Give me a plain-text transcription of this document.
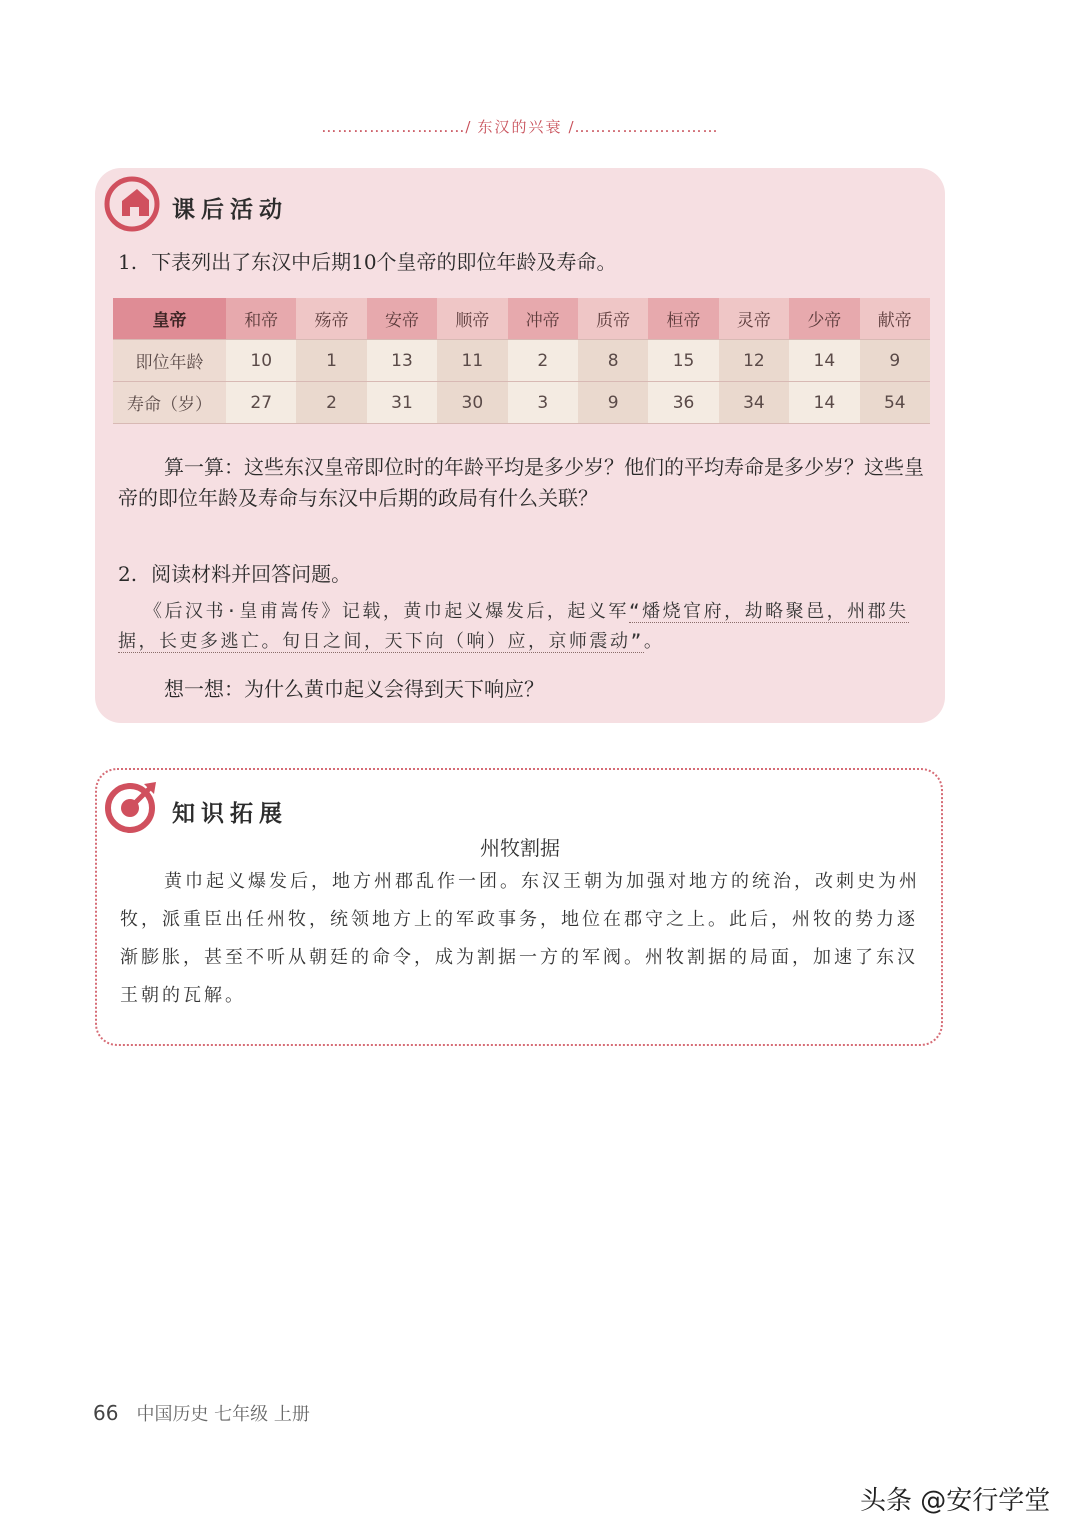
………………………/ 东汉的兴衰 /………………………
课后活动
1. 下表列出了东汉中后期10个皇帝的即位年龄及寿命。
皇帝	和帝	殇帝	安帝	顺帝	冲帝	质帝	桓帝	灵帝	少帝	献帝
即位年龄	10	1	13	11	2	8	15	12	14	9
寿命（岁）	27	2	31	30	3	9	36	34	14	54
算一算：这些东汉皇帝即位时的年龄平均是多少岁？他们的平均寿命是多少岁？这些皇帝的即位年龄及寿命与东汉中后期的政局有什么关联？
2. 阅读材料并回答问题。
《后汉书·皇甫嵩传》记载，黄巾起义爆发后，起义军“燔烧官府，劫略聚邑，州郡失据，长吏多逃亡。旬日之间，天下向（响）应，京师震动”。
想一想：为什么黄巾起义会得到天下响应？
知识拓展
州牧割据
黄巾起义爆发后，地方州郡乱作一团。东汉王朝为加强对地方的统治，改刺史为州牧，派重臣出任州牧，统领地方上的军政事务，地位在郡守之上。此后，州牧的势力逐渐膨胀，甚至不听从朝廷的命令，成为割据一方的军阀。州牧割据的局面，加速了东汉王朝的瓦解。
66 中国历史 七年级 上册
头条 @安行学堂
